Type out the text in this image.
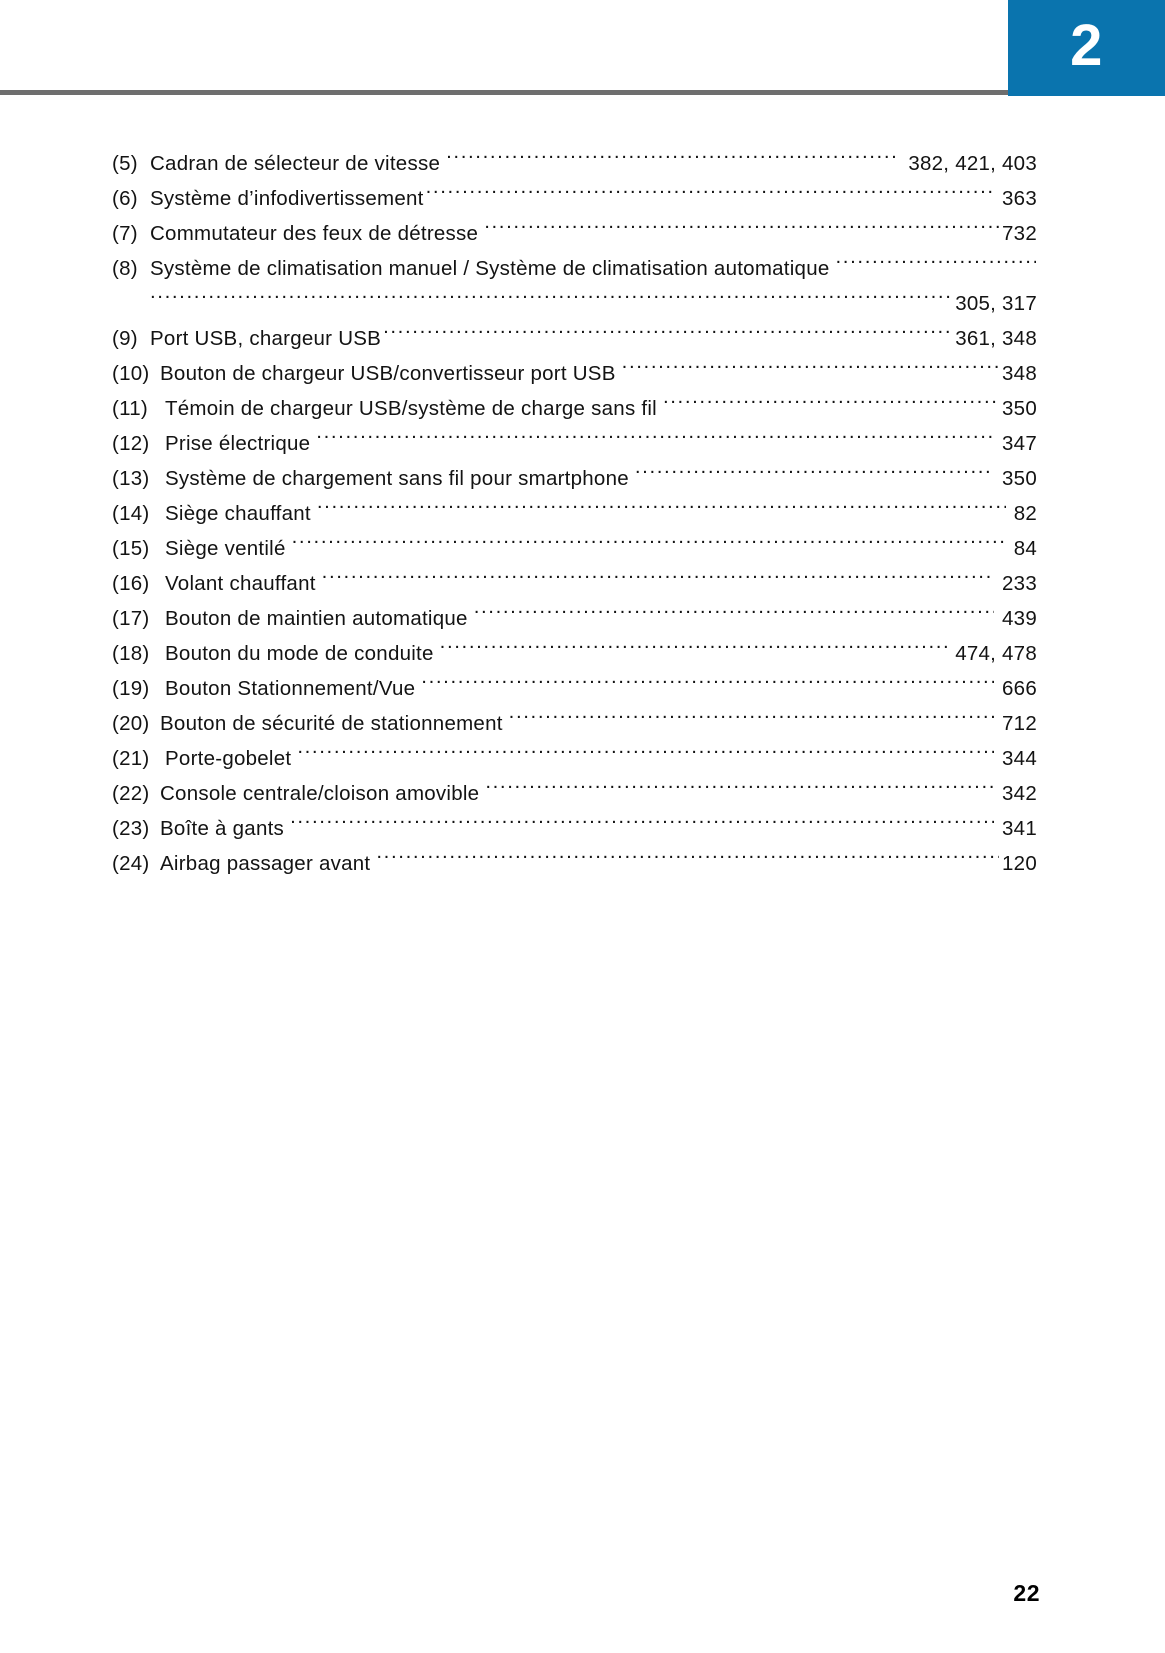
2
(5) Cadran de sélecteur de vitesse .....	382, 421, 403
(6) Système d’infodivertissement .....	363
(7) Commutateur des feux de détresse .....	732
(8) Système de climatisation manuel / Système de climatisation automatique
.....
.....
305, 317
(9) Port USB, chargeur USB .....	361, 348
(10) Bouton de chargeur USB/convertisseur port USB .....	348
(11) Témoin de chargeur USB/système de charge sans fil .....	350
(12) Prise électrique .....	347
(13) Système de chargement sans fil pour smartphone .....	350
(14) Siège chauffant .....	82
(15) Siège ventilé .....	84
(16) Volant chauffant .....	233
(17) Bouton de maintien automatique .....	439
(18) Bouton du mode de conduite .....	474, 478
(19) Bouton Stationnement/Vue .....	666
(20) Bouton de sécurité de stationnement .....	712
(21) Porte-gobelet .....	344
(22) Console centrale/cloison amovible .....	342
(23) Boîte à gants .....	341
(24) Airbag passager avant .....	120
22
